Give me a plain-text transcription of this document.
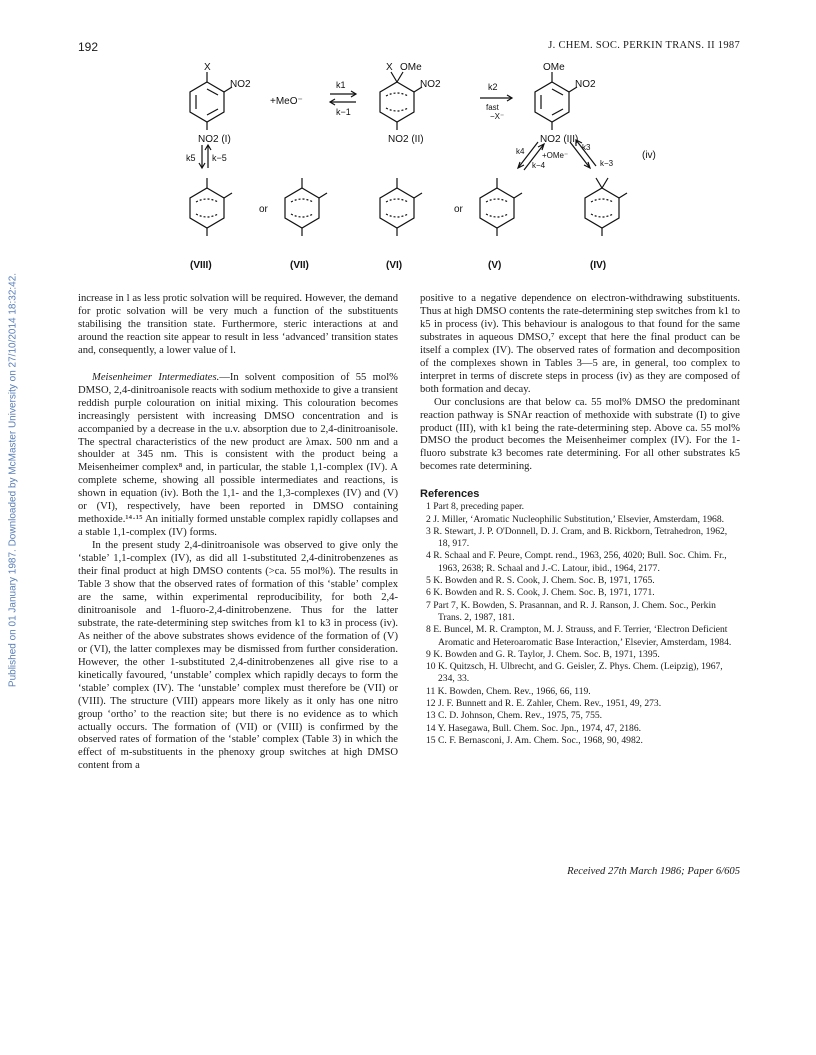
192	J. CHEM. SOC. PERKIN TRANS. II 1987
Published on 01 January 1987. Downloaded by McMaster University on 27/10/2014 18:32:42.
X
NO2
NO2 (I)
+MeO⁻
k1
k−1
X OMe
NO2
NO2 (II)
k2
fast
−X⁻
OMe
NO2
NO2 (III)
k5 k−5
k4
k−4
+OMe⁻
k3
k−3
(iv)
or	or
(VIII)	(VII)	(VI)	(V)	(IV)

increase in l as less protic solvation will be required. However, the demand for protic solvation will be very much a function of the substituents stabilising the transition state. Furthermore, steric interactions at and around the reaction site appear to result in less ‘advanced’ transition states and, consequently, a lower value of l.

Meisenheimer Intermediates.—In solvent composition of 55 mol% DMSO, 2,4-dinitroanisole reacts with sodium methoxide to give a transient reddish purple colouration on initial mixing. This colouration becomes increasingly persistent with increasing DMSO concentration and is accompanied by a decrease in the u.v. absorption due to 2,4-dinitroanisole. The spectral characteristics of the new product are λmax. 500 nm and a shoulder at 345 nm. This is consistent with the product being a Meisenheimer complex⁸ and, in particular, the stable 1,1-complex (IV). A complete scheme, showing all possible intermediates and reactions, is shown in equation (iv). Both the 1,1- and the 1,3-complexes (IV) and (V) or (VI), respectively, have been reported in DMSO containing methoxide.¹⁴·¹⁵ An initially formed unstable complex rapidly collapses and a stable 1,1-complex (IV) forms.

In the present study 2,4-dinitroanisole was observed to give only the ‘stable’ 1,1-complex (IV), as did all 1-substituted 2,4-dinitrobenzenes as their final product at high DMSO contents (>ca. 55 mol%). The results in Table 3 show that the observed rates of formation of this ‘stable’ complex are the same, within experimental reproducibility, for both 2,4-dinitroanisole and 1-fluoro-2,4-dinitrobenzene. Thus for the latter substrate, the rate-determining step switches from k1 to k3 in process (iv). As neither of the above substrates shows evidence of the formation of (V) or (VI), the latter complexes may be dismissed from further consideration. However, the other 1-substituted 2,4-dinitrobenzenes all give rise to a kinetically favoured, ‘unstable’ complex which rapidly decays to form the ‘stable’ complex (IV). The ‘unstable’ complex must therefore be (VII) or (VIII). The structure (VIII) appears more likely as it only has one nitro group ‘ortho’ to the reaction site; but there is no evidence as to which actually occurs. The formation of (VII) or (VIII) is confirmed by the observed rates of formation of the ‘stable’ complex (Table 3) in which the effect of m-substituents in the phenoxy group switches at high DMSO content from a

positive to a negative dependence on electron-withdrawing substituents. Thus at high DMSO contents the rate-determining step switches from k1 to k5 in process (iv). This behaviour is analogous to that found for the same substrates in aqueous DMSO,⁷ except that here the final product can be itself a complex (IV). The observed rates of formation and decomposition of the complexes shown in Tables 3—5 are, in general, too complex to interpret in terms of discrete steps in process (iv) as they are composed of both formation and decay.

Our conclusions are that below ca. 55 mol% DMSO the predominant reaction pathway is SNAr reaction of methoxide with substrate (I) to give product (III), with k1 being the rate-determining step. Above ca. 55 mol% DMSO the product becomes the Meisenheimer complex (IV). For the 1-fluoro substrate k3 becomes rate determining. For all other substrates k5 becomes rate determining.

References
1 Part 8, preceding paper.
2 J. Miller, ‘Aromatic Nucleophilic Substitution,’ Elsevier, Amsterdam, 1968.
3 R. Stewart, J. P. O'Donnell, D. J. Cram, and B. Rickborn, Tetrahedron, 1962, 18, 917.
4 R. Schaal and F. Peure, Compt. rend., 1963, 256, 4020; Bull. Soc. Chim. Fr., 1963, 2638; R. Schaal and J.-C. Latour, ibid., 1964, 2177.
5 K. Bowden and R. S. Cook, J. Chem. Soc. B, 1971, 1765.
6 K. Bowden and R. S. Cook, J. Chem. Soc. B, 1971, 1771.
7 Part 7, K. Bowden, S. Prasannan, and R. J. Ranson, J. Chem. Soc., Perkin Trans. 2, 1987, 181.
8 E. Buncel, M. R. Crampton, M. J. Strauss, and F. Terrier, ‘Electron Deficient Aromatic and Heteroaromatic Base Interaction,’ Elsevier, Amsterdam, 1984.
9 K. Bowden and G. R. Taylor, J. Chem. Soc. B, 1971, 1395.
10 K. Quitzsch, H. Ulbrecht, and G. Geisler, Z. Phys. Chem. (Leipzig), 1967, 234, 33.
11 K. Bowden, Chem. Rev., 1966, 66, 119.
12 J. F. Bunnett and R. E. Zahler, Chem. Rev., 1951, 49, 273.
13 C. D. Johnson, Chem. Rev., 1975, 75, 755.
14 Y. Hasegawa, Bull. Chem. Soc. Jpn., 1974, 47, 2186.
15 C. F. Bernasconi, J. Am. Chem. Soc., 1968, 90, 4982.
Received 27th March 1986; Paper 6/605
